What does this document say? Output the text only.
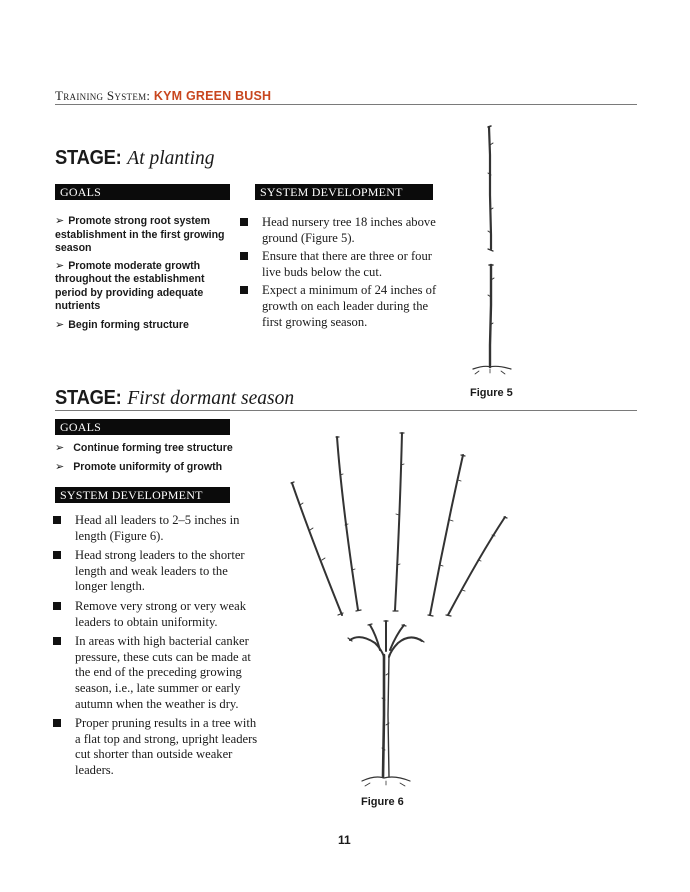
Training System: KYM GREEN BUSH
STAGE: At planting
GOALS
➢ Promote strong root system establishment in the first growing season
➢ Promote moderate growth throughout the establishment period by providing adequate nutrients
➢ Begin forming structure
SYSTEM DEVELOPMENT
Head nursery tree 18 inches above ground (Figure 5).
Ensure that there are three or four live buds below the cut.
Expect a minimum of 24 inches of growth on each leader during the first growing season.
Figure 5
STAGE: First dormant season
GOALS
➢ Continue forming tree structure
➢ Promote uniformity of growth
SYSTEM DEVELOPMENT
Head all leaders to 2–5 inches in length (Figure 6).
Head strong leaders to the shorter length and weak leaders to the longer length.
Remove very strong or very weak leaders to obtain uniformity.
In areas with high bacterial canker pressure, these cuts can be made at the end of the preceding growing season, i.e., late summer or early autumn when the weather is dry.
Proper pruning results in a tree with a flat top and strong, upright leaders cut shorter than outside weaker leaders.
Figure 6
11
